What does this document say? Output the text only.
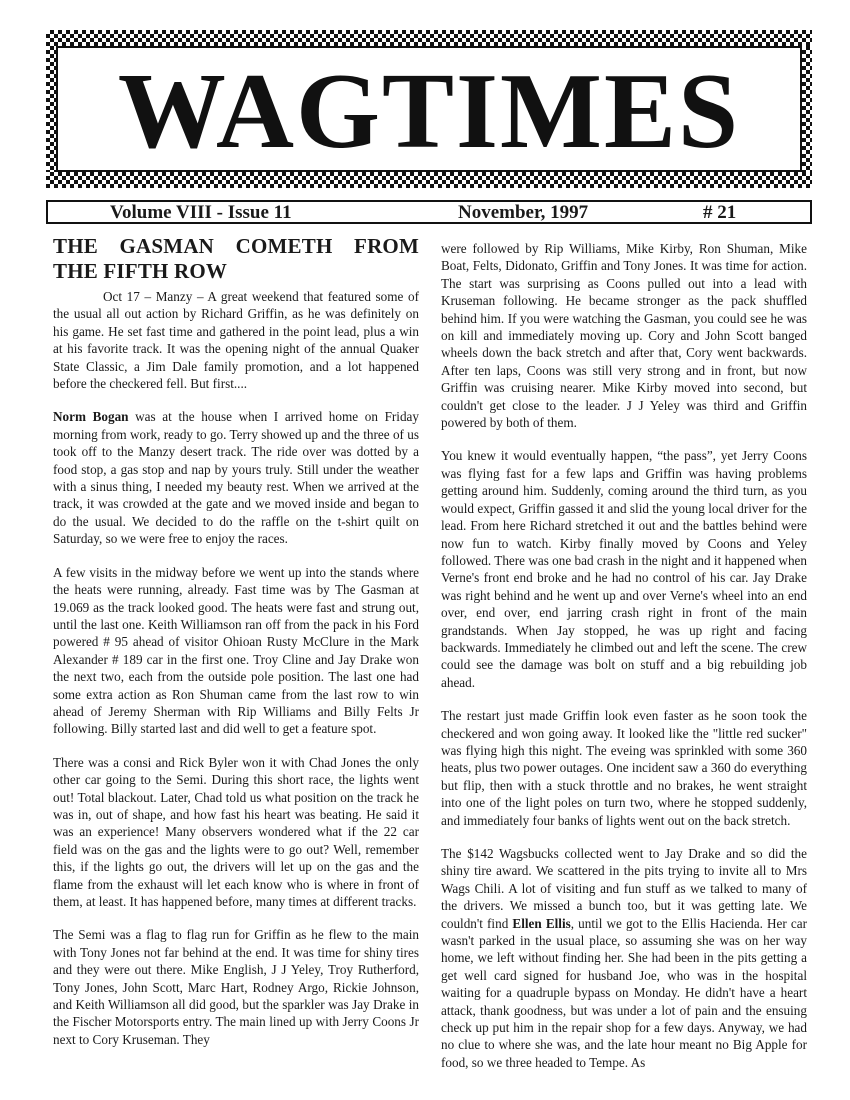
WAGTIMES
Volume VIII - Issue 11	November, 1997	# 21
THE GASMAN COMETH FROM THE FIFTH ROW

Oct 17 – Manzy – A great weekend that featured some of the usual all out action by Richard Griffin, as he was definitely on his game. He set fast time and gathered in the point lead, plus a win at his favorite track. It was the opening night of the annual Quaker State Classic, a Jim Dale family promotion, and a lot happened before the checkered fell. But first....

Norm Bogan was at the house when I arrived home on Friday morning from work, ready to go. Terry showed up and the three of us took off to the Manzy desert track. The ride over was dotted by a food stop, a gas stop and nap by yours truly. Still under the weather with a sinus thing, I needed my beauty rest. When we arrived at the track, it was crowded at the gate and we moved inside and began to do the usual. We decided to do the raffle on the t-shirt quilt on Saturday, so we were free to enjoy the races.

A few visits in the midway before we went up into the stands where the heats were running, already. Fast time was by The Gasman at 19.069 as the track looked good. The heats were fast and strung out, until the last one. Keith Williamson ran off from the pack in his Ford powered # 95 ahead of visitor Ohioan Rusty McClure in the Mark Alexander # 189 car in the first one. Troy Cline and Jay Drake won the next two, each from the outside pole position. The last one had some extra action as Ron Shuman came from the last row to win ahead of Jeremy Sherman with Rip Williams and Billy Felts Jr following. Billy started last and did well to get a feature spot.

There was a consi and Rick Byler won it with Chad Jones the only other car going to the Semi. During this short race, the lights went out! Total blackout. Later, Chad told us what position on the track he was in, out of shape, and how fast his heart was beating. He said it was an experience! Many observers wondered what if the 22 car field was on the gas and the lights were to go out? Well, remember this, if the lights go out, the drivers will let up on the gas and the flame from the exhaust will let each know who is where in front of them, at least. It has happened before, many times at different tracks.

The Semi was a flag to flag run for Griffin as he flew to the main with Tony Jones not far behind at the end. It was time for shiny tires and they were out there. Mike English, J J Yeley, Troy Rutherford, Tony Jones, John Scott, Marc Hart, Rodney Argo, Rickie Johnson, and Keith Williamson all did good, but the sparkler was Jay Drake in the Fischer Motorsports entry. The main lined up with Jerry Coons Jr next to Cory Kruseman. They

were followed by Rip Williams, Mike Kirby, Ron Shuman, Mike Boat, Felts, Didonato, Griffin and Tony Jones. It was time for action. The start was surprising as Coons pulled out into a lead with Kruseman following. He became stronger as the pack shuffled behind him. If you were watching the Gasman, you could see he was on kill and immediately moving up. Cory and John Scott banged wheels down the back stretch and after that, Cory went backwards. After ten laps, Coons was still very strong and in front, but now Griffin was cruising nearer. Mike Kirby moved into second, but couldn't get close to the leader. J J Yeley was third and Griffin powered by both of them.

You knew it would eventually happen, “the pass”, yet Jerry Coons was flying fast for a few laps and Griffin was having problems getting around him. Suddenly, coming around the third turn, as you would expect, Griffin gassed it and slid the young local driver for the lead. From here Richard stretched it out and the battles behind were now fun to watch. Kirby finally moved by Coons and Yeley followed. There was one bad crash in the night and it happened when Verne's front end broke and he had no control of his car. Jay Drake was right behind and he went up and over Verne's wheel into an end over, end over, end jarring crash right in front of the main grandstands. When Jay stopped, he was up right and facing backwards. Immediately he climbed out and left the scene. The crew could see the damage was bolt on stuff and a big rebuilding job ahead.

The restart just made Griffin look even faster as he soon took the checkered and won going away. It looked like the "little red sucker" was flying high this night. The eveing was sprinkled with some 360 heats, plus two power outages. One incident saw a 360 do everything but flip, then with a stuck throttle and no brakes, he went straight into one of the light poles on turn two, where he stopped suddenly, and immediately four banks of lights went out on the back stretch.

The $142 Wagsbucks collected went to Jay Drake and so did the shiny tire award. We scattered in the pits trying to invite all to Mrs Wags Chili. A lot of visiting and fun stuff as we talked to many of the drivers. We missed a bunch too, but it was getting late. We couldn't find Ellen Ellis, until we got to the Ellis Hacienda. Her car wasn't parked in the usual place, so assuming she was on her way home, we left without finding her. She had been in the pits getting a get well card signed for husband Joe, who was in the hospital waiting for a quadruple bypass on Monday. He didn't have a heart attack, thank goodness, but was under a lot of pain and the ensuing check up put him in the repair shop for a few days. Anyway, we had no clue to where she was, and the late hour meant no Big Apple for food, so we three headed to Tempe. As
